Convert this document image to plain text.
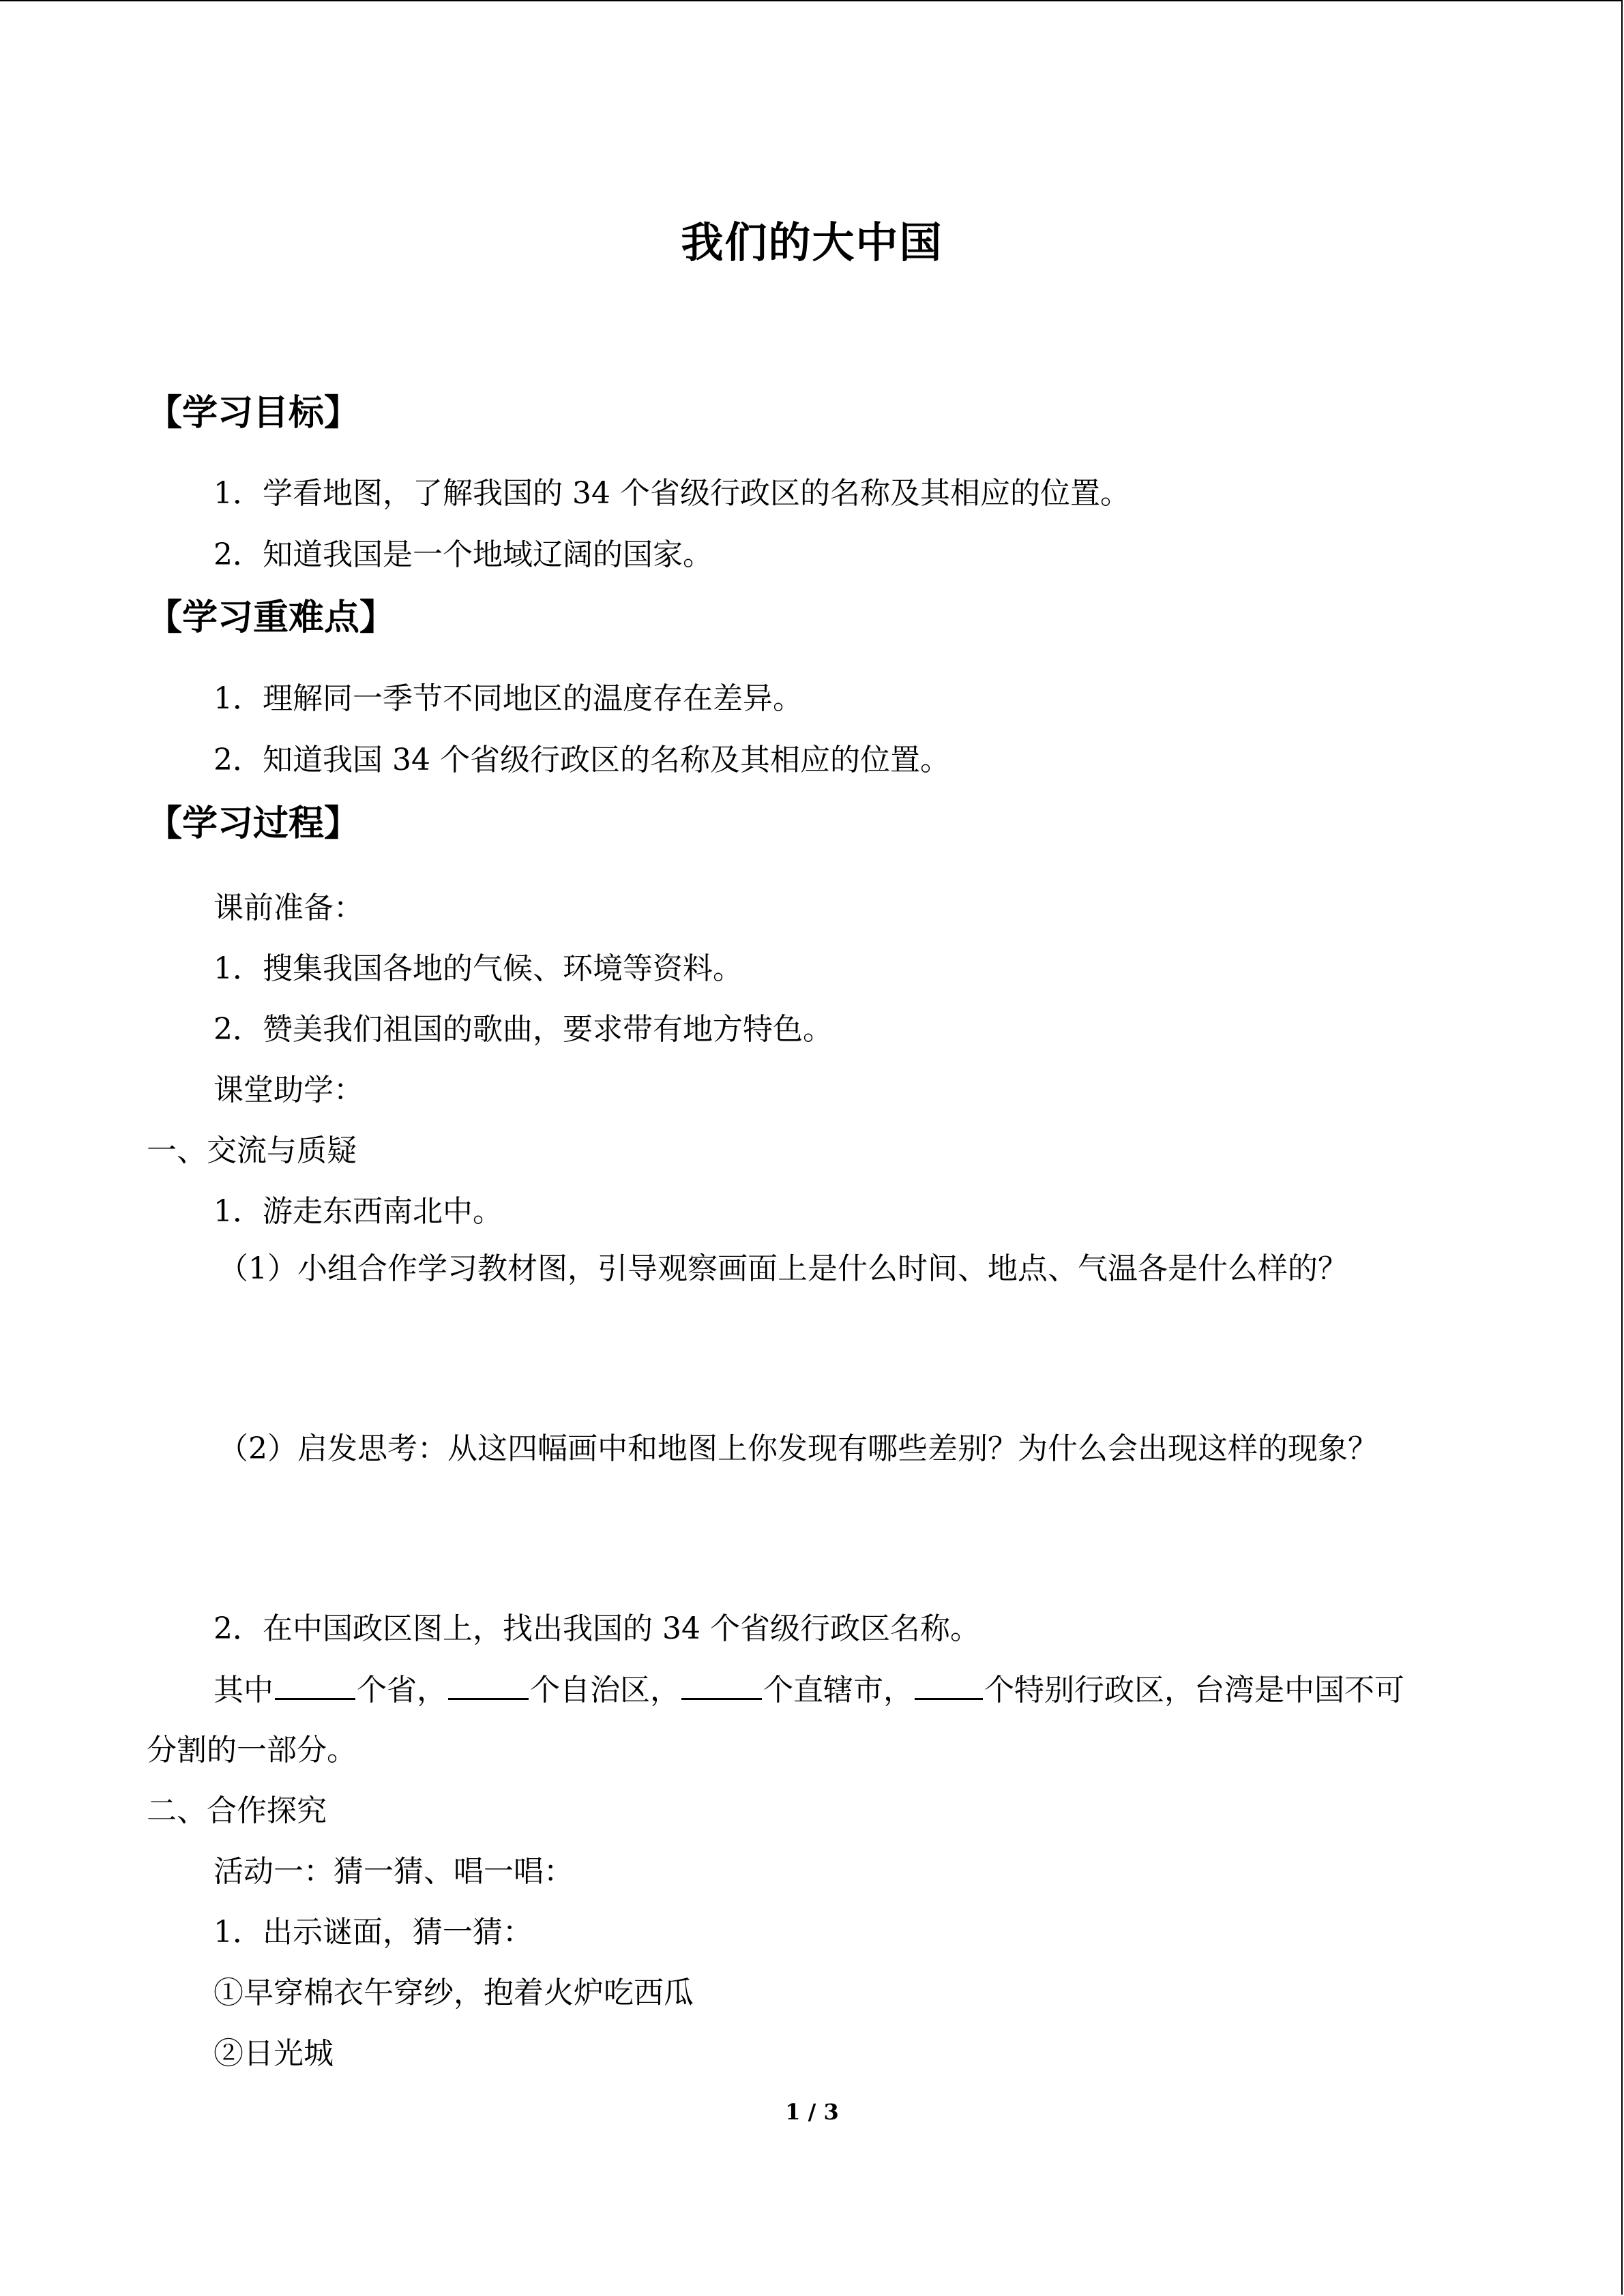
我们的大中国
【学习目标】
1．学看地图，了解我国的 34 个省级行政区的名称及其相应的位置。
2．知道我国是一个地域辽阔的国家。
【学习重难点】
1．理解同一季节不同地区的温度存在差异。
2．知道我国 34 个省级行政区的名称及其相应的位置。
【学习过程】
课前准备：
1．搜集我国各地的气候、环境等资料。
2．赞美我们祖国的歌曲，要求带有地方特色。
课堂助学：
一、交流与质疑
1．游走东西南北中。
（1）小组合作学习教材图，引导观察画面上是什么时间、地点、气温各是什么样的？
（2）启发思考：从这四幅画中和地图上你发现有哪些差别？为什么会出现这样的现象？
2．在中国政区图上，找出我国的 34 个省级行政区名称。
其中	个省，	个自治区，	个直辖市， 个特别行政区，台湾是中国不可
分割的一部分。
二、合作探究
活动一：猜一猜、唱一唱：
1．出示谜面，猜一猜：
①早穿棉衣午穿纱，抱着火炉吃西瓜
②日光城
1 / 3
